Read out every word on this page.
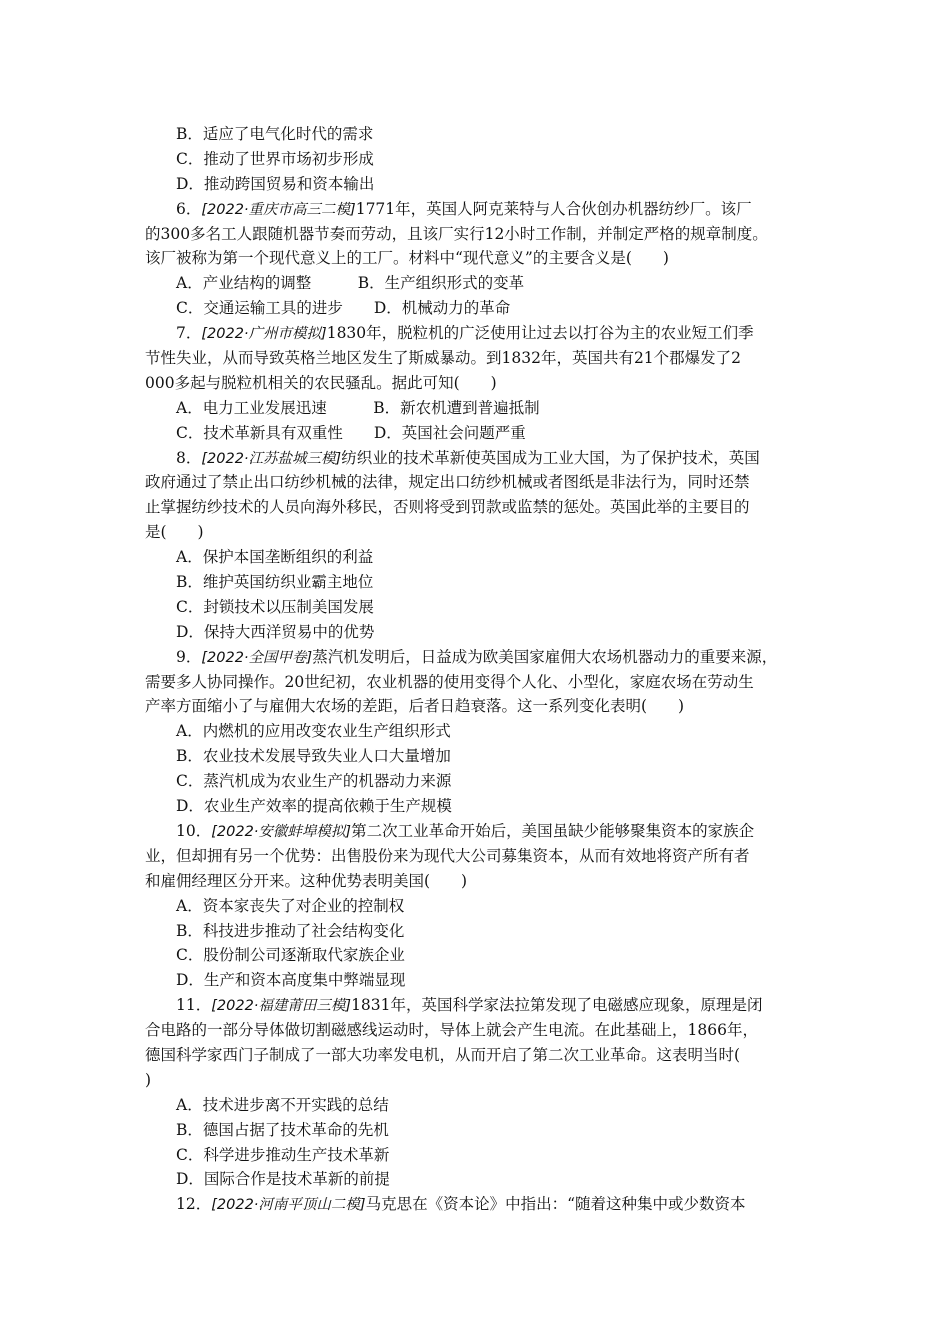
B．适应了电气化时代的需求
C．推动了世界市场初步形成
D．推动跨国贸易和资本输出
6．[2022·重庆市高三二模]1771年，英国人阿克莱特与人合伙创办机器纺纱厂。该厂
的300多名工人跟随机器节奏而劳动，且该厂实行12小时工作制，并制定严格的规章制度。
该厂被称为第一个现代意义上的工厂。材料中“现代意义”的主要含义是(　　)
A．产业结构的调整　　　B．生产组织形式的变革
C．交通运输工具的进步　　D．机械动力的革命
7．[2022·广州市模拟]1830年，脱粒机的广泛使用让过去以打谷为主的农业短工们季
节性失业，从而导致英格兰地区发生了斯威暴动。到1832年，英国共有21个郡爆发了2
000多起与脱粒机相关的农民骚乱。据此可知(　　)
A．电力工业发展迅速　　　B．新农机遭到普遍抵制
C．技术革新具有双重性　　D．英国社会问题严重
8．[2022·江苏盐城三模]纺织业的技术革新使英国成为工业大国，为了保护技术，英国
政府通过了禁止出口纺纱机械的法律，规定出口纺纱机械或者图纸是非法行为，同时还禁
止掌握纺纱技术的人员向海外移民，否则将受到罚款或监禁的惩处。英国此举的主要目的
是(　　)
A．保护本国垄断组织的利益
B．维护英国纺织业霸主地位
C．封锁技术以压制美国发展
D．保持大西洋贸易中的优势
9．[2022·全国甲卷]蒸汽机发明后，日益成为欧美国家雇佣大农场机器动力的重要来源，
需要多人协同操作。20世纪初，农业机器的使用变得个人化、小型化，家庭农场在劳动生
产率方面缩小了与雇佣大农场的差距，后者日趋衰落。这一系列变化表明(　　)
A．内燃机的应用改变农业生产组织形式
B．农业技术发展导致失业人口大量增加
C．蒸汽机成为农业生产的机器动力来源
D．农业生产效率的提高依赖于生产规模
10．[2022·安徽蚌埠模拟]第二次工业革命开始后，美国虽缺少能够聚集资本的家族企
业，但却拥有另一个优势：出售股份来为现代大公司募集资本，从而有效地将资产所有者
和雇佣经理区分开来。这种优势表明美国(　　)
A．资本家丧失了对企业的控制权
B．科技进步推动了社会结构变化
C．股份制公司逐渐取代家族企业
D．生产和资本高度集中弊端显现
11．[2022·福建莆田三模]1831年，英国科学家法拉第发现了电磁感应现象，原理是闭
合电路的一部分导体做切割磁感线运动时，导体上就会产生电流。在此基础上，1866年，
德国科学家西门子制成了一部大功率发电机，从而开启了第二次工业革命。这表明当时(
)
A．技术进步离不开实践的总结
B．德国占据了技术革命的先机
C．科学进步推动生产技术革新
D．国际合作是技术革新的前提
12．[2022·河南平顶山二模]马克思在《资本论》中指出：“随着这种集中或少数资本
